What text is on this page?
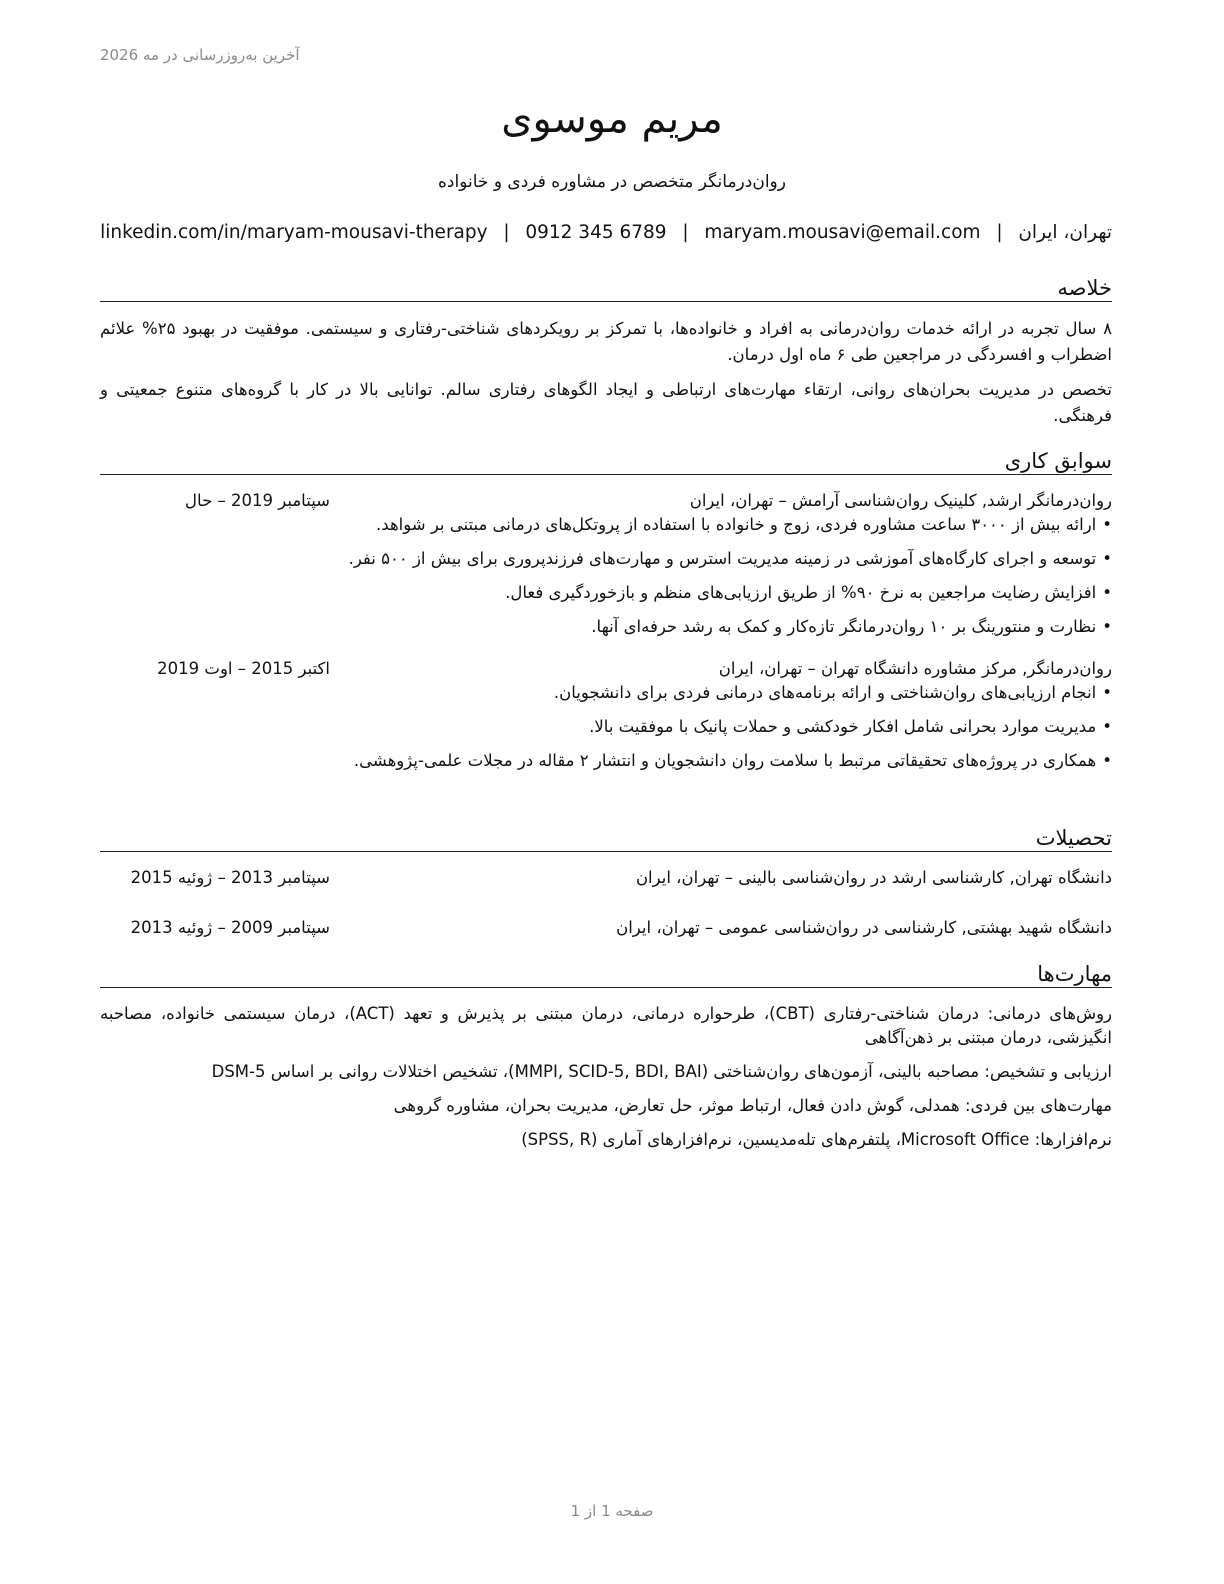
آخرین به‌روزرسانی در مه 2026
مریم موسوی
روان‌درمانگر متخصص در مشاوره فردی و خانواده
تهران، ایران
|
maryam.mousavi@email.com
|
0912 345 6789
|
linkedin.com/in/maryam-mousavi-therapy
خلاصه

۸ سال تجربه در ارائه خدمات روان‌درمانی به افراد و خانواده‌ها، با تمرکز بر رویکردهای شناختی-رفتاری و سیستمی. موفقیت در بهبود ۲۵% علائم اضطراب و افسردگی در مراجعین طی ۶ ماه اول درمان.

تخصص در مدیریت بحران‌های روانی، ارتقاء مهارت‌های ارتباطی و ایجاد الگوهای رفتاری سالم. توانایی بالا در کار با گروه‌های متنوع جمعیتی و فرهنگی.

سوابق کاری
روان‌درمانگر ارشد, کلینیک روان‌شناسی آرامش – تهران، ایران
سپتامبر 2019 – حال
•ارائه بیش از ۳۰۰۰ ساعت مشاوره فردی، زوج و خانواده با استفاده از پروتکل‌های درمانی مبتنی بر شواهد.
•توسعه و اجرای کارگاه‌های آموزشی در زمینه مدیریت استرس و مهارت‌های فرزندپروری برای بیش از ۵۰۰ نفر.
•افزایش رضایت مراجعین به نرخ ۹۰% از طریق ارزیابی‌های منظم و بازخوردگیری فعال.
•نظارت و منتورینگ بر ۱۰ روان‌درمانگر تازه‌کار و کمک به رشد حرفه‌ای آنها.
روان‌درمانگر, مرکز مشاوره دانشگاه تهران – تهران، ایران
اکتبر 2015 – اوت 2019
•انجام ارزیابی‌های روان‌شناختی و ارائه برنامه‌های درمانی فردی برای دانشجویان.
•مدیریت موارد بحرانی شامل افکار خودکشی و حملات پانیک با موفقیت بالا.
•همکاری در پروژه‌های تحقیقاتی مرتبط با سلامت روان دانشجویان و انتشار ۲ مقاله در مجلات علمی-پژوهشی.
تحصیلات
دانشگاه تهران, کارشناسی ارشد در روان‌شناسی بالینی – تهران، ایران
سپتامبر 2013 – ژوئیه 2015
دانشگاه شهید بهشتی, کارشناسی در روان‌شناسی عمومی – تهران، ایران
سپتامبر 2009 – ژوئیه 2013
مهارت‌ها

روش‌های درمانی: درمان شناختی-رفتاری (CBT)، طرحواره درمانی، درمان مبتنی بر پذیرش و تعهد (ACT)، درمان سیستمی خانواده، مصاحبه انگیزشی، درمان مبتنی بر ذهن‌آگاهی

ارزیابی و تشخیص: مصاحبه بالینی، آزمون‌های روان‌شناختی (MMPI, SCID-5, BDI, BAI)، تشخیص اختلالات روانی بر اساس DSM-5

مهارت‌های بین فردی: همدلی، گوش دادن فعال، ارتباط موثر، حل تعارض، مدیریت بحران، مشاوره گروهی

نرم‌افزارها: Microsoft Office، پلتفرم‌های تله‌مدیسین، نرم‌افزارهای آماری (SPSS, R)

صفحه 1 از 1
